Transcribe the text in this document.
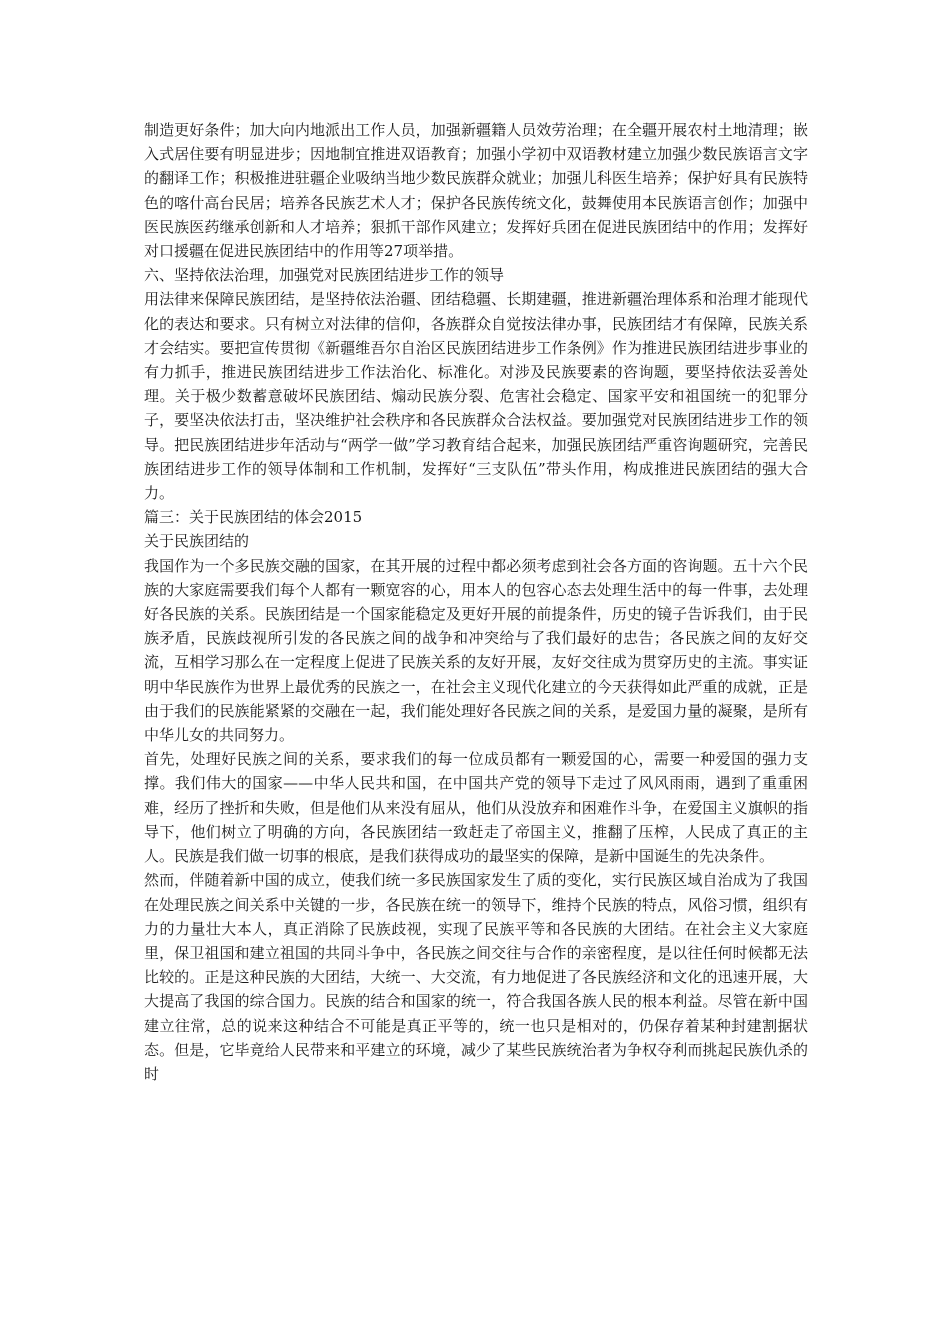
制造更好条件；加大向内地派出工作人员，加强新疆籍人员效劳治理；在全疆开展农村土地清理；嵌入式居住要有明显进步；因地制宜推进双语教育；加强小学初中双语教材建立加强少数民族语言文字的翻译工作；积极推进驻疆企业吸纳当地少数民族群众就业；加强儿科医生培养；保护好具有民族特色的喀什高台民居；培养各民族艺术人才；保护各民族传统文化，鼓舞使用本民族语言创作；加强中医民族医药继承创新和人才培养；狠抓干部作风建立；发挥好兵团在促进民族团结中的作用；发挥好对口援疆在促进民族团结中的作用等27项举措。

六、坚持依法治理，加强党对民族团结进步工作的领导

用法律来保障民族团结，是坚持依法治疆、团结稳疆、长期建疆，推进新疆治理体系和治理才能现代化的表达和要求。只有树立对法律的信仰，各族群众自觉按法律办事，民族团结才有保障，民族关系才会结实。要把宣传贯彻《新疆维吾尔自治区民族团结进步工作条例》作为推进民族团结进步事业的有力抓手，推进民族团结进步工作法治化、标准化。对涉及民族要素的咨询题，要坚持依法妥善处理。关于极少数蓄意破坏民族团结、煽动民族分裂、危害社会稳定、国家平安和祖国统一的犯罪分子，要坚决依法打击，坚决维护社会秩序和各民族群众合法权益。要加强党对民族团结进步工作的领导。把民族团结进步年活动与“两学一做”学习教育结合起来，加强民族团结严重咨询题研究，完善民族团结进步工作的领导体制和工作机制，发挥好“三支队伍”带头作用，构成推进民族团结的强大合力。

篇三：关于民族团结的体会2015

关于民族团结的

我国作为一个多民族交融的国家，在其开展的过程中都必须考虑到社会各方面的咨询题。五十六个民族的大家庭需要我们每个人都有一颗宽容的心，用本人的包容心态去处理生活中的每一件事，去处理好各民族的关系。民族团结是一个国家能稳定及更好开展的前提条件，历史的镜子告诉我们，由于民族矛盾，民族歧视所引发的各民族之间的战争和冲突给与了我们最好的忠告；各民族之间的友好交流，互相学习那么在一定程度上促进了民族关系的友好开展，友好交往成为贯穿历史的主流。事实证明中华民族作为世界上最优秀的民族之一，在社会主义现代化建立的今天获得如此严重的成就，正是由于我们的民族能紧紧的交融在一起，我们能处理好各民族之间的关系，是爱国力量的凝聚，是所有中华儿女的共同努力。

首先，处理好民族之间的关系，要求我们的每一位成员都有一颗爱国的心，需要一种爱国的强力支撑。我们伟大的国家——中华人民共和国，在中国共产党的领导下走过了风风雨雨，遇到了重重困难，经历了挫折和失败，但是他们从来没有屈从，他们从没放弃和困难作斗争，在爱国主义旗帜的指导下，他们树立了明确的方向，各民族团结一致赶走了帝国主义，推翻了压榨，人民成了真正的主人。民族是我们做一切事的根底，是我们获得成功的最坚实的保障，是新中国诞生的先决条件。

然而，伴随着新中国的成立，使我们统一多民族国家发生了质的变化，实行民族区域自治成为了我国在处理民族之间关系中关键的一步，各民族在统一的领导下，维持个民族的特点，风俗习惯，组织有力的力量壮大本人，真正消除了民族歧视，实现了民族平等和各民族的大团结。在社会主义大家庭里，保卫祖国和建立祖国的共同斗争中，各民族之间交往与合作的亲密程度，是以往任何时候都无法比较的。正是这种民族的大团结，大统一、大交流，有力地促进了各民族经济和文化的迅速开展，大大提高了我国的综合国力。民族的结合和国家的统一，符合我国各族人民的根本利益。尽管在新中国建立往常，总的说来这种结合不可能是真正平等的，统一也只是相对的，仍保存着某种封建割据状态。但是，它毕竟给人民带来和平建立的环境，减少了某些民族统治者为争权夺利而挑起民族仇杀的时
